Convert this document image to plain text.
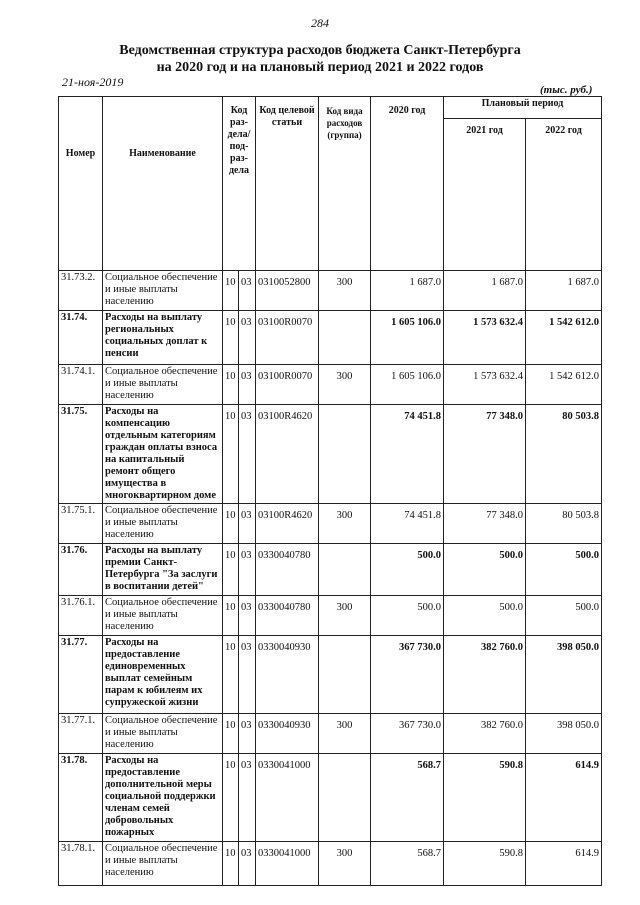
284
Ведомственная структура расходов бюджета Санкт-Петербурга
на 2020 год и на плановый период 2021 и 2022 годов
21-ноя-2019
(тыс. руб.)
Номер	Наименование	Код раз- дела/ под- раз- дела		Код целевой статьи	Код вида расходов (группа)	2020 год	Плановый период	
							2021 год	2022 год
31.73.2.	Социальное обеспечение и иные выплаты населению	10	03	0310052800	300	1 687.0	1 687.0	1 687.0
31.74.	Расходы на выплату региональных социальных доплат к пенсии	10	03	03100R0070		1 605 106.0	1 573 632.4	1 542 612.0
31.74.1.	Социальное обеспечение и иные выплаты населению	10	03	03100R0070	300	1 605 106.0	1 573 632.4	1 542 612.0
31.75.	Расходы на компенсацию отдельным категориям граждан оплаты взноса на капитальный ремонт общего имущества в многоквартирном доме	10	03	03100R4620		74 451.8	77 348.0	80 503.8
31.75.1.	Социальное обеспечение и иные выплаты населению	10	03	03100R4620	300	74 451.8	77 348.0	80 503.8
31.76.	Расходы на выплату премии Санкт-Петербурга "За заслуги в воспитании детей"	10	03	0330040780		500.0	500.0	500.0
31.76.1.	Социальное обеспечение и иные выплаты населению	10	03	0330040780	300	500.0	500.0	500.0
31.77.	Расходы на предоставление единовременных выплат семейным парам к юбилеям их супружеской жизни	10	03	0330040930		367 730.0	382 760.0	398 050.0
31.77.1.	Социальное обеспечение и иные выплаты населению	10	03	0330040930	300	367 730.0	382 760.0	398 050.0
31.78.	Расходы на предоставление дополнительной меры социальной поддержки членам семей добровольных пожарных	10	03	0330041000		568.7	590.8	614.9
31.78.1.	Социальное обеспечение и иные выплаты населению	10	03	0330041000	300	568.7	590.8	614.9
